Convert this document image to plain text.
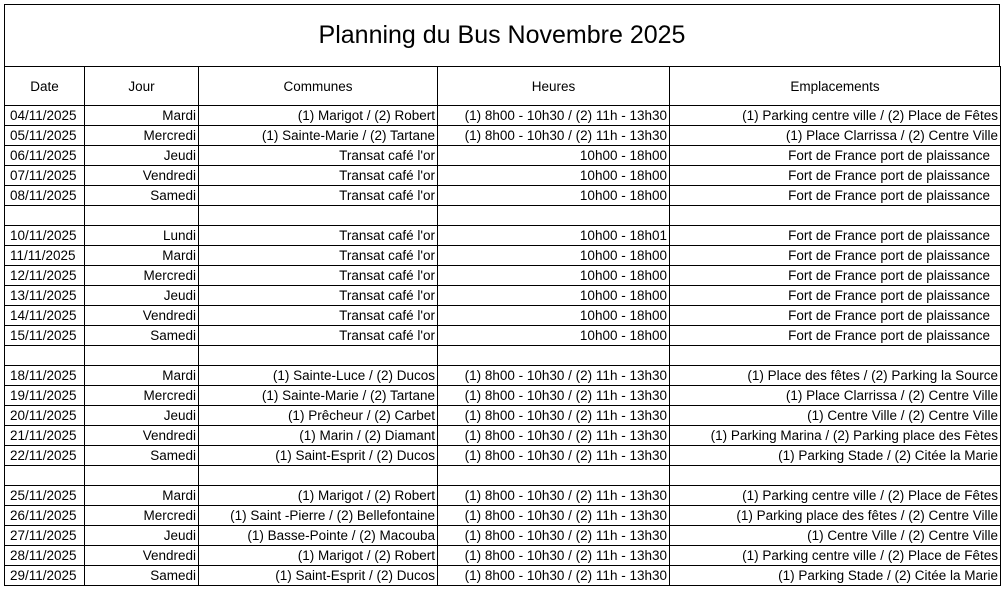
Planning du Bus Novembre 2025
Date	Jour	Communes	Heures	Emplacements
04/11/2025	Mardi	(1) Marigot / (2) Robert	(1) 8h00 - 10h30 / (2) 11h - 13h30	(1) Parking centre ville / (2) Place de Fêtes
05/11/2025	Mercredi	(1) Sainte-Marie / (2) Tartane	(1) 8h00 - 10h30 / (2) 11h - 13h30	(1) Place Clarrissa / (2) Centre Ville
06/11/2025	Jeudi	Transat café l'or	10h00 - 18h00	Fort de France port de plaissance
07/11/2025	Vendredi	Transat café l'or	10h00 - 18h00	Fort de France port de plaissance
08/11/2025	Samedi	Transat café l'or	10h00 - 18h00	Fort de France port de plaissance

10/11/2025	Lundi	Transat café l'or	10h00 - 18h01	Fort de France port de plaissance
11/11/2025	Mardi	Transat café l'or	10h00 - 18h00	Fort de France port de plaissance
12/11/2025	Mercredi	Transat café l'or	10h00 - 18h00	Fort de France port de plaissance
13/11/2025	Jeudi	Transat café l'or	10h00 - 18h00	Fort de France port de plaissance
14/11/2025	Vendredi	Transat café l'or	10h00 - 18h00	Fort de France port de plaissance
15/11/2025	Samedi	Transat café l'or	10h00 - 18h00	Fort de France port de plaissance

18/11/2025	Mardi	(1) Sainte-Luce / (2) Ducos	(1) 8h00 - 10h30 / (2) 11h - 13h30	(1) Place des fêtes / (2) Parking la Source
19/11/2025	Mercredi	(1) Sainte-Marie / (2) Tartane	(1) 8h00 - 10h30 / (2) 11h - 13h30	(1) Place Clarrissa / (2) Centre Ville
20/11/2025	Jeudi	(1) Prêcheur / (2) Carbet	(1) 8h00 - 10h30 / (2) 11h - 13h30	(1) Centre Ville / (2) Centre Ville
21/11/2025	Vendredi	(1) Marin / (2) Diamant	(1) 8h00 - 10h30 / (2) 11h - 13h30	(1) Parking Marina / (2) Parking place des Fètes
22/11/2025	Samedi	(1) Saint-Esprit / (2) Ducos	(1) 8h00 - 10h30 / (2) 11h - 13h30	(1) Parking Stade / (2) Citée la Marie

25/11/2025	Mardi	(1) Marigot / (2) Robert	(1) 8h00 - 10h30 / (2) 11h - 13h30	(1) Parking centre ville / (2) Place de Fêtes
26/11/2025	Mercredi	(1) Saint -Pierre / (2) Bellefontaine	(1) 8h00 - 10h30 / (2) 11h - 13h30	(1) Parking place des fêtes / (2) Centre Ville
27/11/2025	Jeudi	(1) Basse-Pointe / (2) Macouba	(1) 8h00 - 10h30 / (2) 11h - 13h30	(1) Centre Ville / (2) Centre Ville
28/11/2025	Vendredi	(1) Marigot / (2) Robert	(1) 8h00 - 10h30 / (2) 11h - 13h30	(1) Parking centre ville / (2) Place de Fêtes
29/11/2025	Samedi	(1) Saint-Esprit / (2) Ducos	(1) 8h00 - 10h30 / (2) 11h - 13h30	(1) Parking Stade / (2) Citée la Marie
